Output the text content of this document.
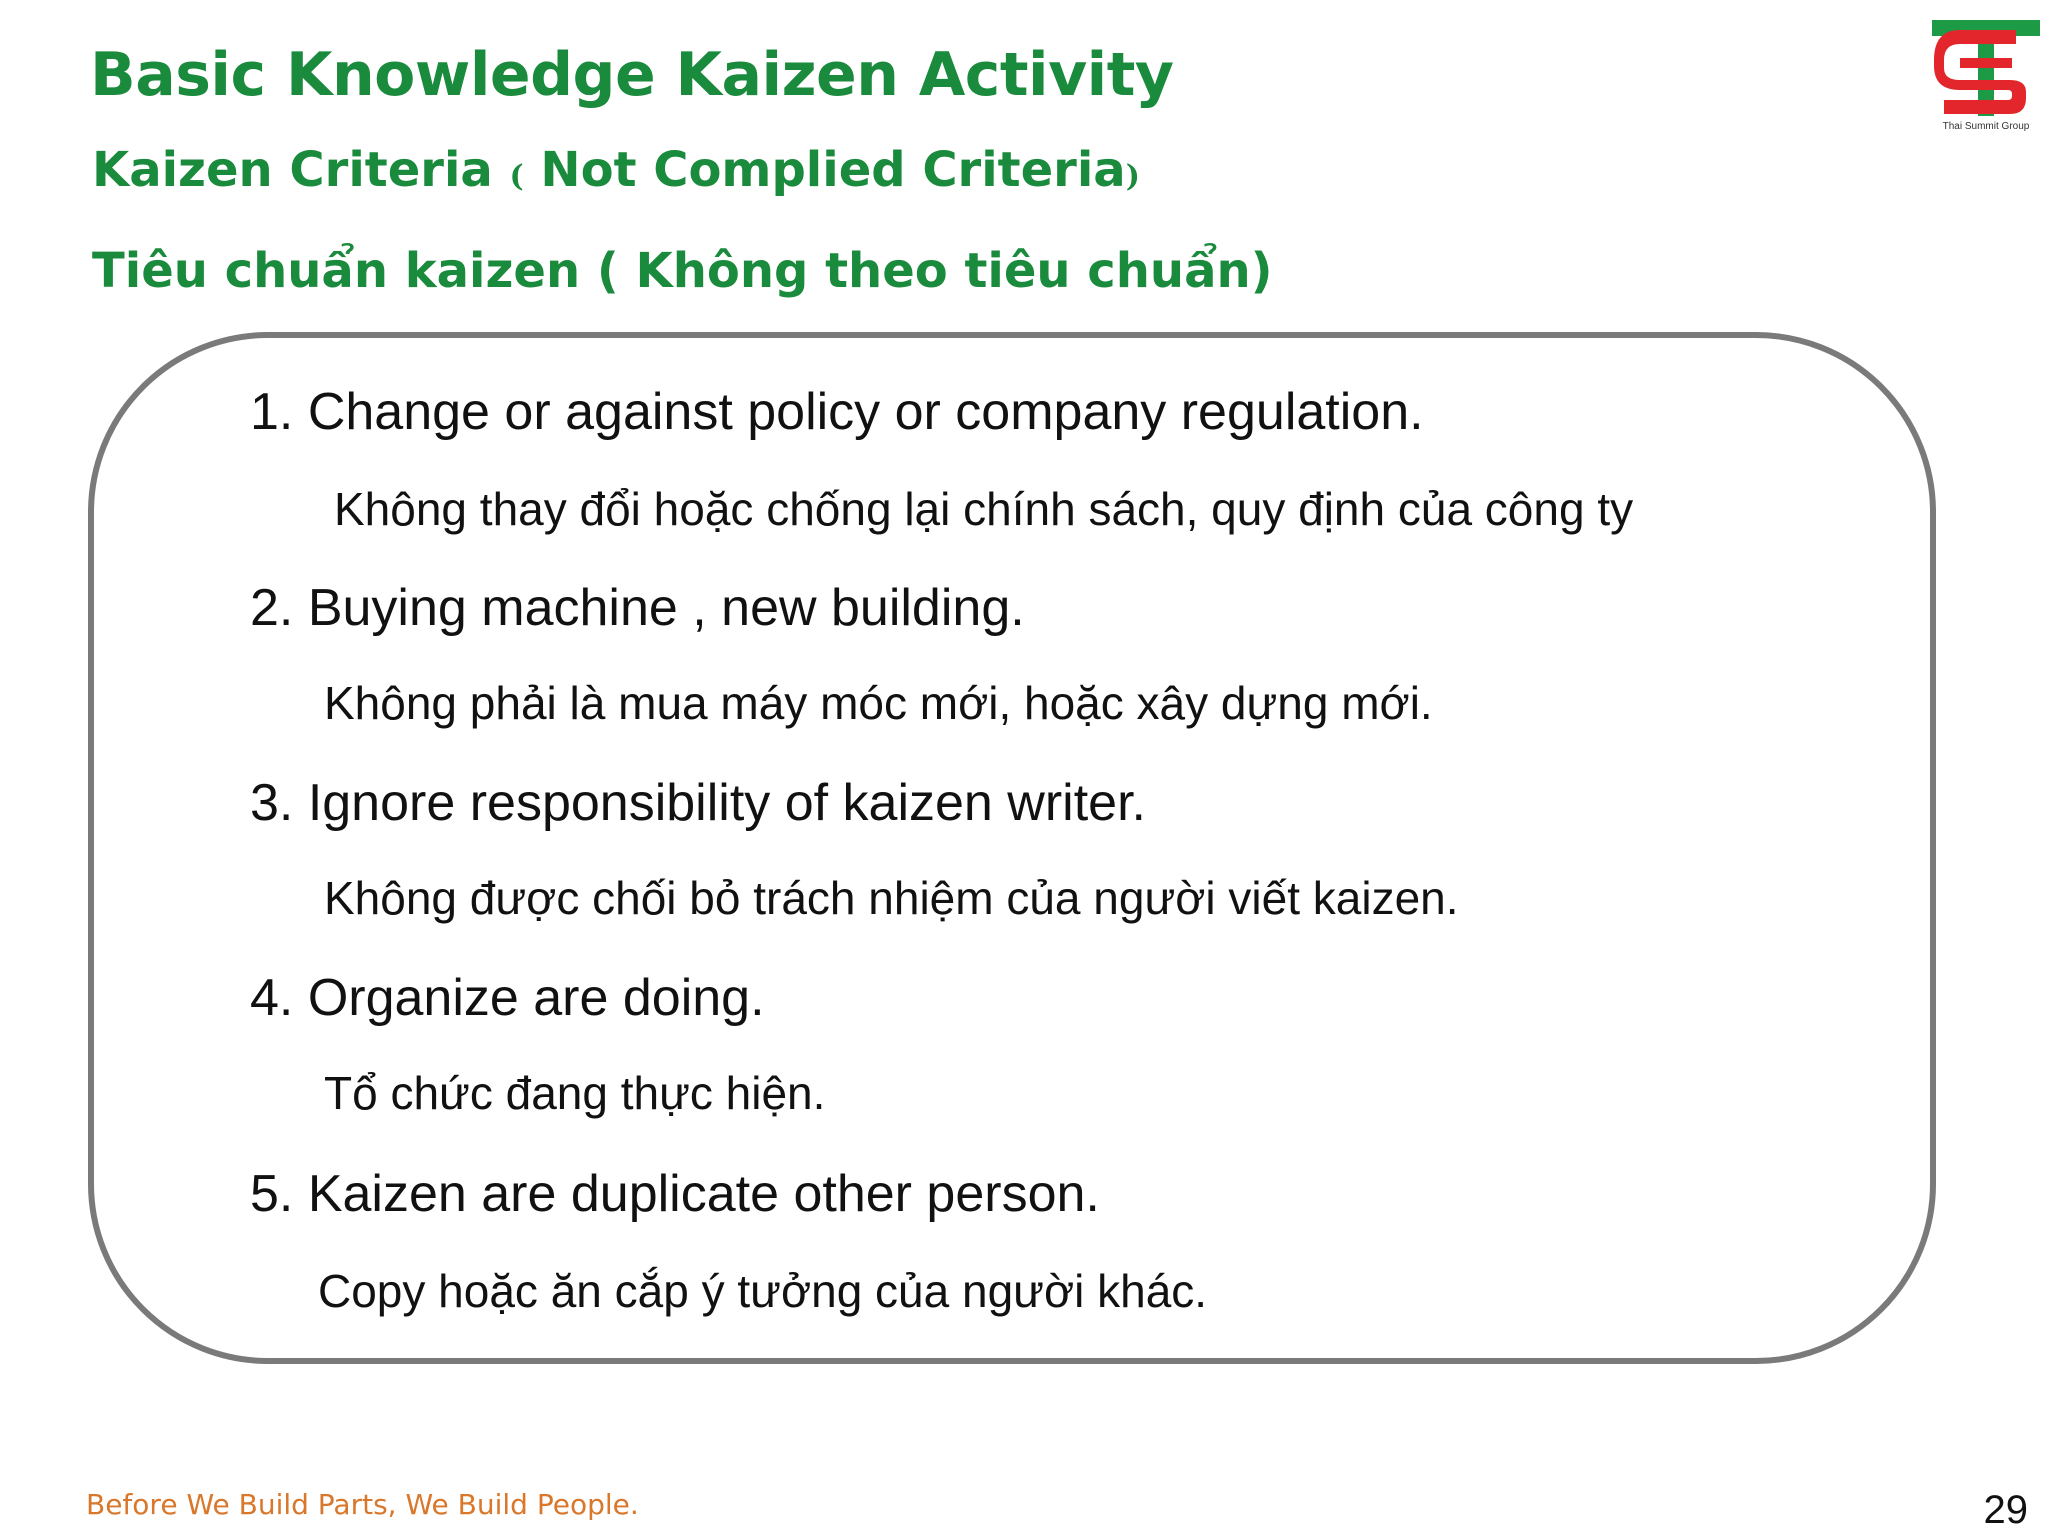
Basic Knowledge Kaizen Activity
Kaizen Criteria ( Not Complied Criteria)
Tiêu chuẩn kaizen ( Không theo tiêu chuẩn)
Thai Summit Group
1. Change or against policy or company regulation.
Không thay đổi hoặc chống lại chính sách, quy định của công ty
2. Buying machine , new building.
Không phải là mua máy móc mới, hoặc xây dựng mới.
3. Ignore responsibility of kaizen writer.
Không được chối bỏ trách nhiệm của người viết kaizen.
4. Organize are doing.
Tổ chức đang thực hiện.
5. Kaizen are duplicate other person.
Copy hoặc ăn cắp ý tưởng của người khác.
Before We Build Parts, We Build People.	29
